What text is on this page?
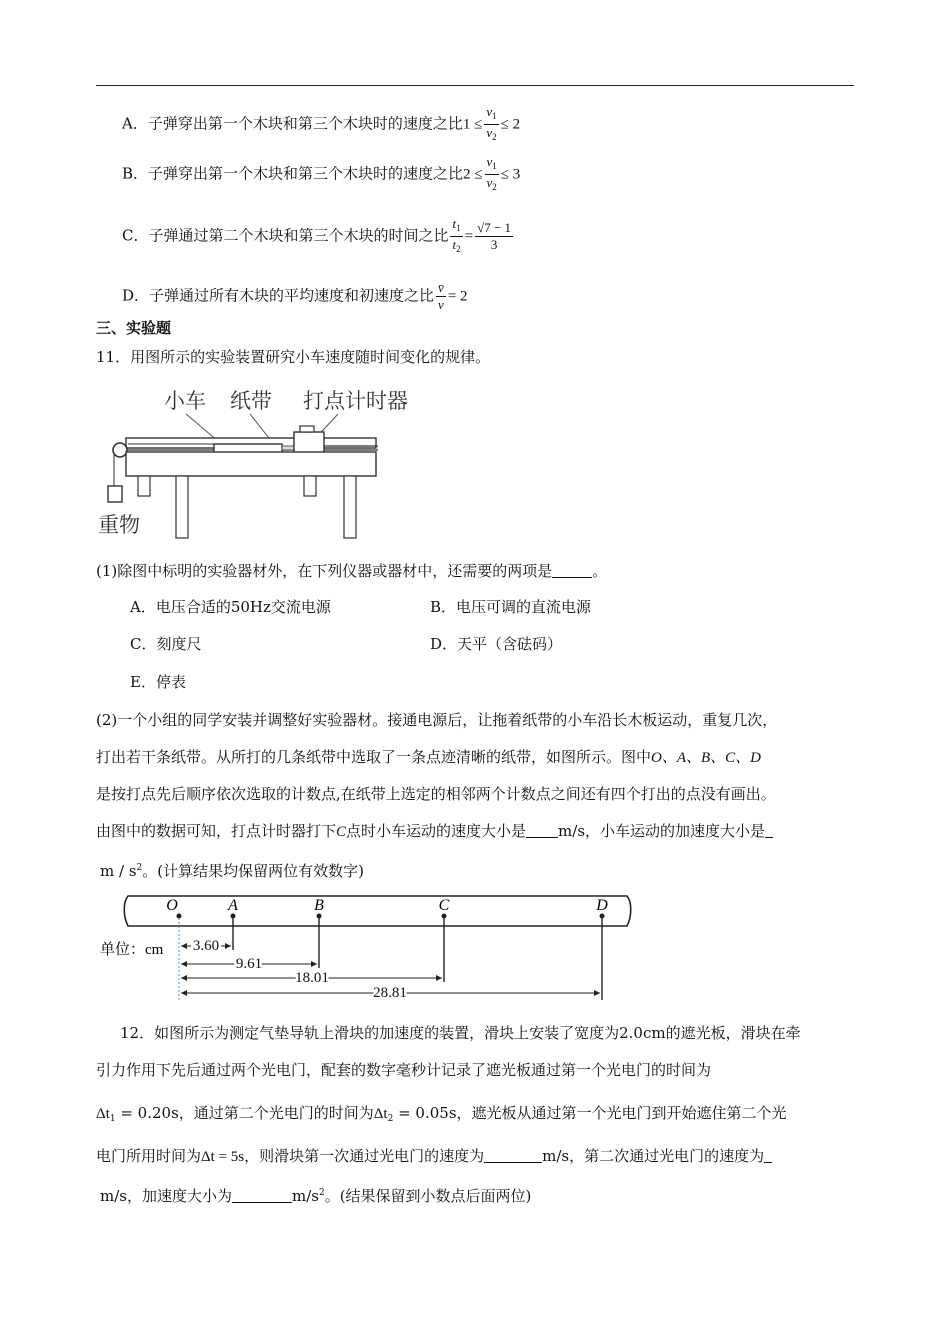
A．子弹穿出第一个木块和第三个木块时的速度之比$1 \le \frac{v_1}{v_2} \le 2$
B．子弹穿出第一个木块和第三个木块时的速度之比$2 \le \frac{v_1}{v_2} \le 3$
C．子弹通过第二个木块和第三个木块的时间之比 $\frac{t_1}{t_2} = \frac{√7 - 1}{3}$
D．子弹通过所有木块的平均速度和初速度之比 $\frac{v̄}{v} = 2$
三、实验题
11．用图所示的实验装置研究小车速度随时间变化的规律。
小车 纸带 打点计时器
重物
(1)除图中标明的实验器材外，在下列仪器或器材中，还需要的两项是	。
A．电压合适的50Hz交流电源	B．电压可调的直流电源
C．刻度尺	D．天平（含砝码）
E．停表
(2)一个小组的同学安装并调整好实验器材。接通电源后，让拖着纸带的小车沿长木板运动，重复几次，
打出若干条纸带。从所打的几条纸带中选取了一条点迹清晰的纸带，如图所示。图中O、A、B、C、D
是按打点先后顺序依次选取的计数点,在纸带上选定的相邻两个计数点之间还有四个打出的点没有画出。
由图中的数据可知，打点计时器打下C点时小车运动的速度大小是 m/s，小车运动的加速度大小是
m / $s^2$。(计算结果均保留两位有效数字)
O	A	B	C	D
单位：cm 3.60
9.61
18.01
28.81
12．如图所示为测定气垫导轨上滑块的加速度的装置，滑块上安装了宽度为2.0cm的遮光板，滑块在牵
引力作用下先后通过两个光电门，配套的数字毫秒计记录了遮光板通过第一个光电门的时间为
$\Delta t_1 = 0.20s$，通过第二个光电门的时间为$\Delta t_2 = 0.05s$，遮光板从通过第一个光电门到开始遮住第二个光
电门所用时间为Δt = 5s，则滑块第一次通过光电门的速度为	m/s，第二次通过光电门的速度为
m/s，加速度大小为	$m/s^2$。(结果保留到小数点后面两位)
